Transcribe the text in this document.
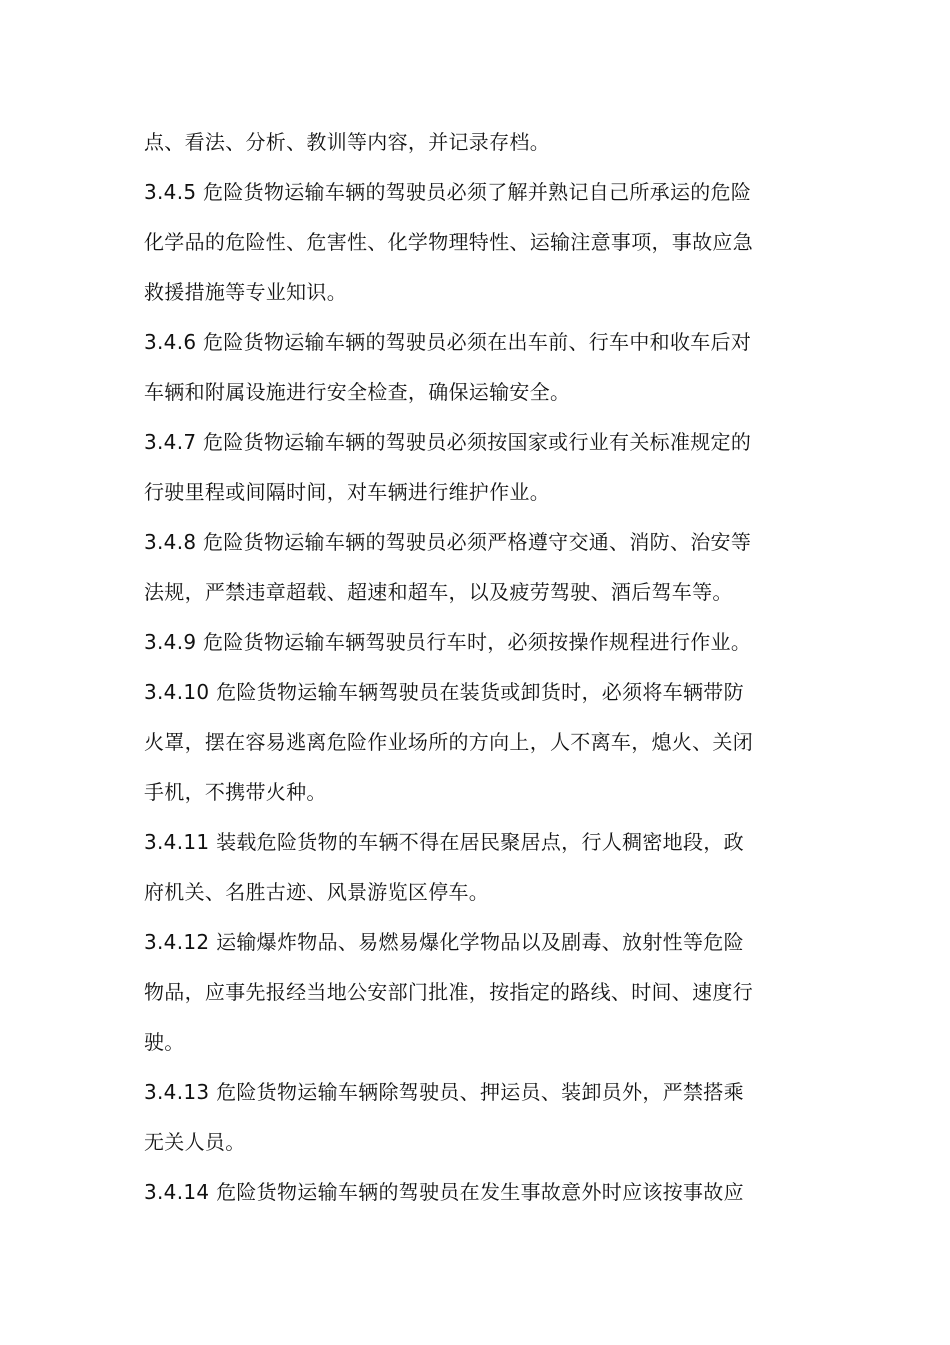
点、看法、分析、教训等内容，并记录存档。
3.4.5 危险货物运输车辆的驾驶员必须了解并熟记自己所承运的危险
化学品的危险性、危害性、化学物理特性、运输注意事项，事故应急
救援措施等专业知识。
3.4.6 危险货物运输车辆的驾驶员必须在出车前、行车中和收车后对
车辆和附属设施进行安全检查，确保运输安全。
3.4.7 危险货物运输车辆的驾驶员必须按国家或行业有关标准规定的
行驶里程或间隔时间，对车辆进行维护作业。
3.4.8 危险货物运输车辆的驾驶员必须严格遵守交通、消防、治安等
法规，严禁违章超载、超速和超车，以及疲劳驾驶、酒后驾车等。
3.4.9 危险货物运输车辆驾驶员行车时，必须按操作规程进行作业。
3.4.10 危险货物运输车辆驾驶员在装货或卸货时，必须将车辆带防
火罩，摆在容易逃离危险作业场所的方向上，人不离车，熄火、关闭
手机，不携带火种。
3.4.11 装载危险货物的车辆不得在居民聚居点，行人稠密地段，政
府机关、名胜古迹、风景游览区停车。
3.4.12 运输爆炸物品、易燃易爆化学物品以及剧毒、放射性等危险
物品，应事先报经当地公安部门批准，按指定的路线、时间、速度行
驶。
3.4.13 危险货物运输车辆除驾驶员、押运员、装卸员外，严禁搭乘
无关人员。
3.4.14 危险货物运输车辆的驾驶员在发生事故意外时应该按事故应
